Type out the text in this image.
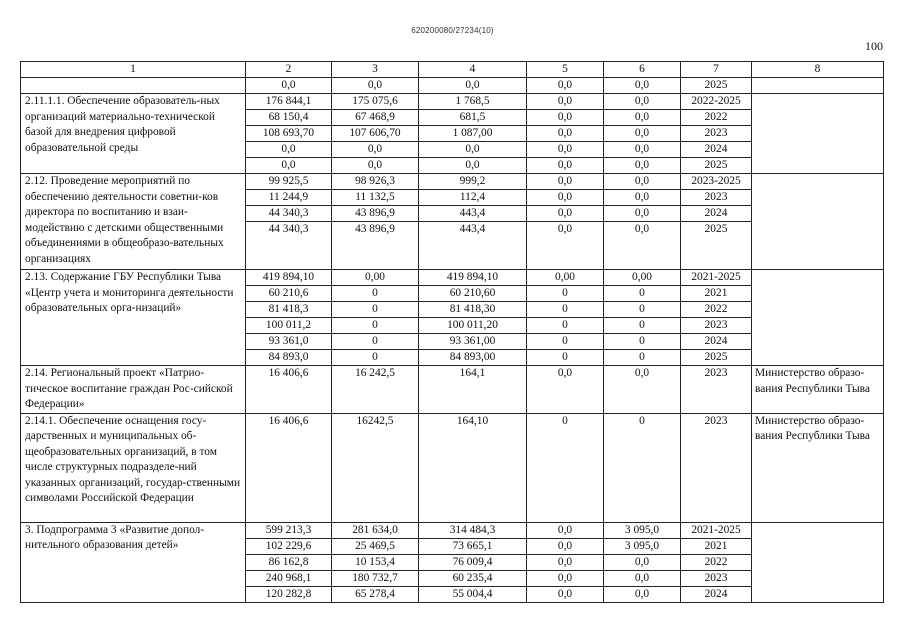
620200080/27234(10)
100
1	2	3	4	5	6	7	8
	0,0	0,0	0,0	0,0	0,0	2025	
2.11.1.1. Обеспечение образователь-ных организаций материально-технической базой для внедрения цифровой образовательной среды	176 844,1	175 075,6	1 768,5	0,0	0,0	2022-2025	
	68 150,4	67 468,9	681,5	0,0	0,0	2022	
	108 693,70	107 606,70	1 087,00	0,0	0,0	2023	
	0,0	0,0	0,0	0,0	0,0	2024	
	0,0	0,0	0,0	0,0	0,0	2025	
2.12. Проведение мероприятий по обеспечению деятельности советни-ков директора по воспитанию и взаи-модействию с детскими общественными объединениями в общеобразо-вательных организациях	99 925,5	98 926,3	999,2	0,0	0,0	2023-2025	
	11 244,9	11 132,5	112,4	0,0	0,0	2023	
	44 340,3	43 896,9	443,4	0,0	0,0	2024	
	44 340,3	43 896,9	443,4	0,0	0,0	2025	
2.13. Содержание ГБУ Республики Тыва «Центр учета и мониторинга деятельности образовательных орга-низаций»	419 894,10	0,00	419 894,10	0,00	0,00	2021-2025	
	60 210,6	0	60 210,60	0	0	2021	
	81 418,3	0	81 418,30	0	0	2022	
	100 011,2	0	100 011,20	0	0	2023	
	93 361,0	0	93 361,00	0	0	2024	
	84 893,0	0	84 893,00	0	0	2025	
2.14. Региональный проект «Патрио-тическое воспитание граждан Рос-сийской Федерации»	16 406,6	16 242,5	164,1	0,0	0,0	2023	Министерство образо-вания Республики Тыва
2.14.1. Обеспечение оснащения госу-дарственных и муниципальных об-щеобразовательных организаций, в том числе структурных подразделе-ний указанных организаций, государ-ственными символами Российской Федерации	16 406,6	16242,5	164,10	0	0	2023	Министерство образо-вания Республики Тыва
3. Подпрограмма 3 «Развитие допол-нительного образования детей»	599 213,3	281 634,0	314 484,3	0,0	3 095,0	2021-2025	
	102 229,6	25 469,5	73 665,1	0,0	3 095,0	2021	
	86 162,8	10 153,4	76 009,4	0,0	0,0	2022	
	240 968,1	180 732,7	60 235,4	0,0	0,0	2023	
	120 282,8	65 278,4	55 004,4	0,0	0,0	2024	
